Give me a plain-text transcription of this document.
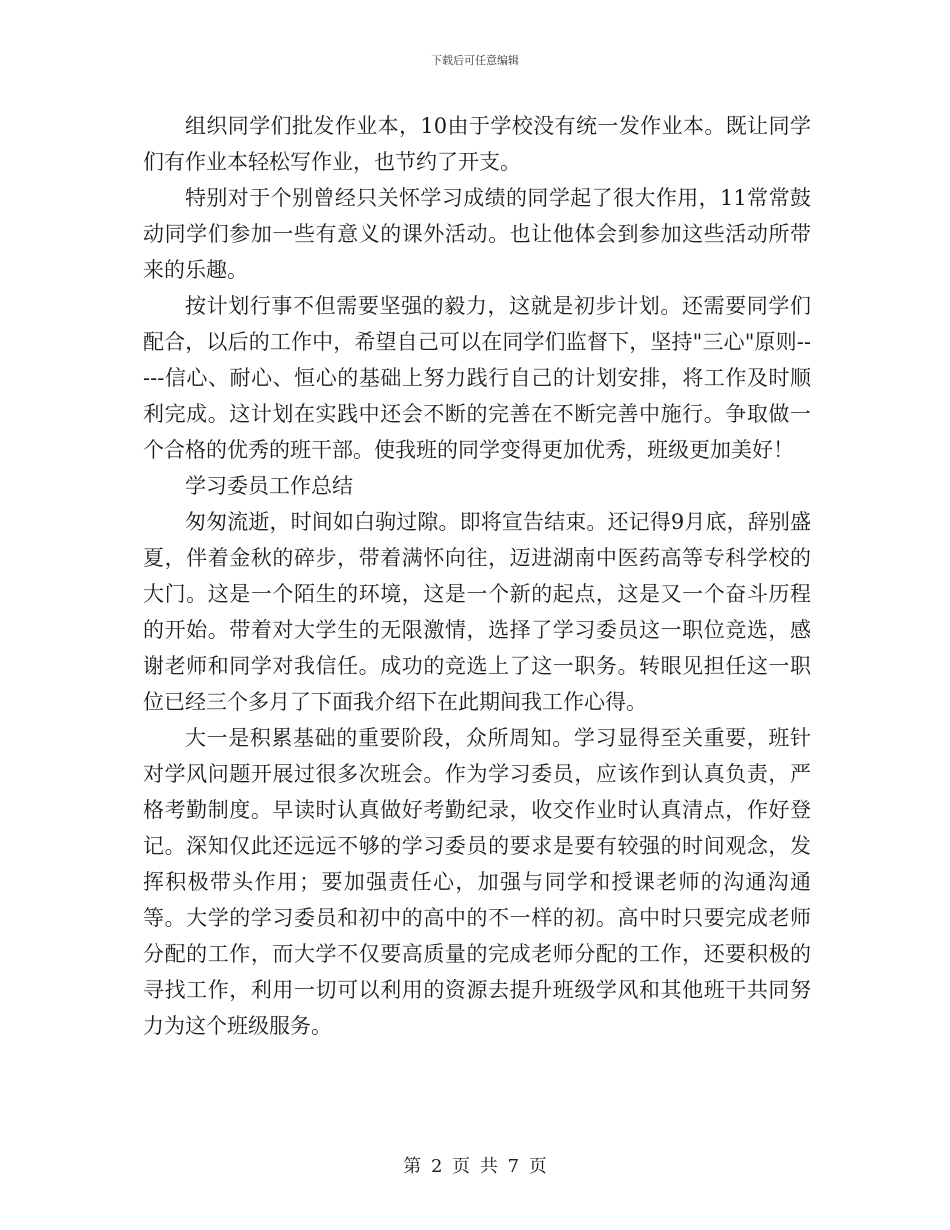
下载后可任意编辑

组织同学们批发作业本，10由于学校没有统一发作业本。既让同学们有作业本轻松写作业，也节约了开支。

特别对于个别曾经只关怀学习成绩的同学起了很大作用，11常常鼓动同学们参加一些有意义的课外活动。也让他体会到参加这些活动所带来的乐趣。

按计划行事不但需要坚强的毅力，这就是初步计划。还需要同学们配合，以后的工作中，希望自己可以在同学们监督下，坚持"三心"原则-----信心、耐心、恒心的基础上努力践行自己的计划安排，将工作及时顺利完成。这计划在实践中还会不断的完善在不断完善中施行。争取做一个合格的优秀的班干部。使我班的同学变得更加优秀，班级更加美好！

学习委员工作总结

匆匆流逝，时间如白驹过隙。即将宣告结束。还记得9月底，辞别盛夏，伴着金秋的碎步，带着满怀向往，迈进湖南中医药高等专科学校的大门。这是一个陌生的环境，这是一个新的起点，这是又一个奋斗历程的开始。带着对大学生的无限激情，选择了学习委员这一职位竞选，感谢老师和同学对我信任。成功的竞选上了这一职务。转眼见担任这一职位已经三个多月了下面我介绍下在此期间我工作心得。

大一是积累基础的重要阶段，众所周知。学习显得至关重要，班针对学风问题开展过很多次班会。作为学习委员，应该作到认真负责，严格考勤制度。早读时认真做好考勤纪录，收交作业时认真清点，作好登记。深知仅此还远远不够的学习委员的要求是要有较强的时间观念，发挥积极带头作用；要加强责任心，加强与同学和授课老师的沟通沟通等。大学的学习委员和初中的高中的不一样的初。高中时只要完成老师分配的工作，而大学不仅要高质量的完成老师分配的工作，还要积极的寻找工作，利用一切可以利用的资源去提升班级学风和其他班干共同努力为这个班级服务。

第 2 页 共 7 页
